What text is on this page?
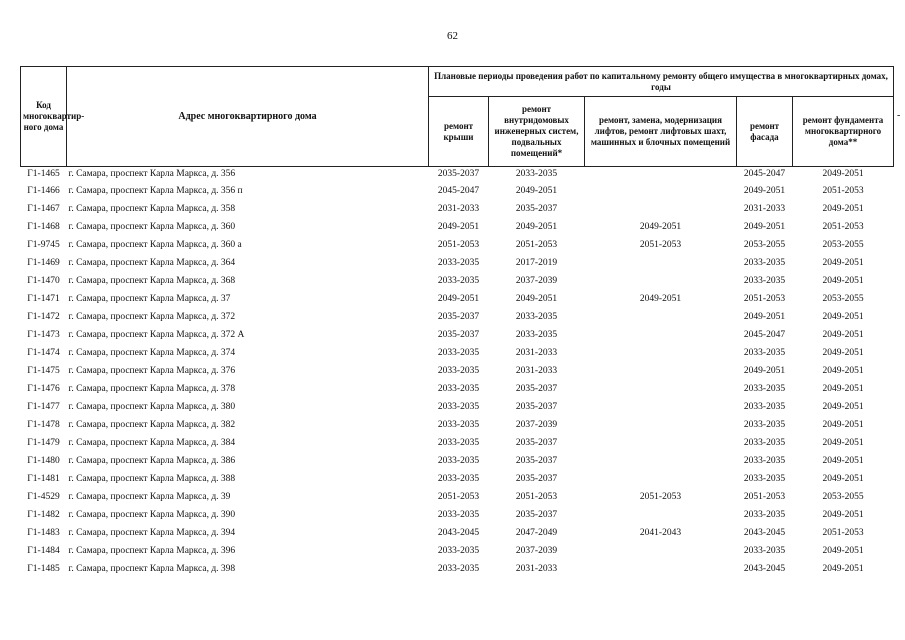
62
-
Код многоквартир-ного дома	Адрес многоквартирного дома	Плановые периоды проведения работ по капитальному ремонту общего имущества в многоквартирных домах, годы				
		ремонт крыши	ремонт внутридомовых инженерных систем, подвальных помещений*	ремонт, замена, модернизация лифтов, ремонт лифтовых шахт, машинных и блочных помещений	ремонт фасада	ремонт фундамента многоквартирного дома**
Г1-1465	г. Самара, проспект Карла Маркса, д. 356	2035-2037	2033-2035		2045-2047	2049-2051
Г1-1466	г. Самара, проспект Карла Маркса, д. 356 п	2045-2047	2049-2051		2049-2051	2051-2053
Г1-1467	г. Самара, проспект Карла Маркса, д. 358	2031-2033	2035-2037		2031-2033	2049-2051
Г1-1468	г. Самара, проспект Карла Маркса, д. 360	2049-2051	2049-2051	2049-2051	2049-2051	2051-2053
Г1-9745	г. Самара, проспект Карла Маркса, д. 360 а	2051-2053	2051-2053	2051-2053	2053-2055	2053-2055
Г1-1469	г. Самара, проспект Карла Маркса, д. 364	2033-2035	2017-2019		2033-2035	2049-2051
Г1-1470	г. Самара, проспект Карла Маркса, д. 368	2033-2035	2037-2039		2033-2035	2049-2051
Г1-1471	г. Самара, проспект Карла Маркса, д. 37	2049-2051	2049-2051	2049-2051	2051-2053	2053-2055
Г1-1472	г. Самара, проспект Карла Маркса, д. 372	2035-2037	2033-2035		2049-2051	2049-2051
Г1-1473	г. Самара, проспект Карла Маркса, д. 372 А	2035-2037	2033-2035		2045-2047	2049-2051
Г1-1474	г. Самара, проспект Карла Маркса, д. 374	2033-2035	2031-2033		2033-2035	2049-2051
Г1-1475	г. Самара, проспект Карла Маркса, д. 376	2033-2035	2031-2033		2049-2051	2049-2051
Г1-1476	г. Самара, проспект Карла Маркса, д. 378	2033-2035	2035-2037		2033-2035	2049-2051
Г1-1477	г. Самара, проспект Карла Маркса, д. 380	2033-2035	2035-2037		2033-2035	2049-2051
Г1-1478	г. Самара, проспект Карла Маркса, д. 382	2033-2035	2037-2039		2033-2035	2049-2051
Г1-1479	г. Самара, проспект Карла Маркса, д. 384	2033-2035	2035-2037		2033-2035	2049-2051
Г1-1480	г. Самара, проспект Карла Маркса, д. 386	2033-2035	2035-2037		2033-2035	2049-2051
Г1-1481	г. Самара, проспект Карла Маркса, д. 388	2033-2035	2035-2037		2033-2035	2049-2051
Г1-4529	г. Самара, проспект Карла Маркса, д. 39	2051-2053	2051-2053	2051-2053	2051-2053	2053-2055
Г1-1482	г. Самара, проспект Карла Маркса, д. 390	2033-2035	2035-2037		2033-2035	2049-2051
Г1-1483	г. Самара, проспект Карла Маркса, д. 394	2043-2045	2047-2049	2041-2043	2043-2045	2051-2053
Г1-1484	г. Самара, проспект Карла Маркса, д. 396	2033-2035	2037-2039		2033-2035	2049-2051
Г1-1485	г. Самара, проспект Карла Маркса, д. 398	2033-2035	2031-2033		2043-2045	2049-2051
